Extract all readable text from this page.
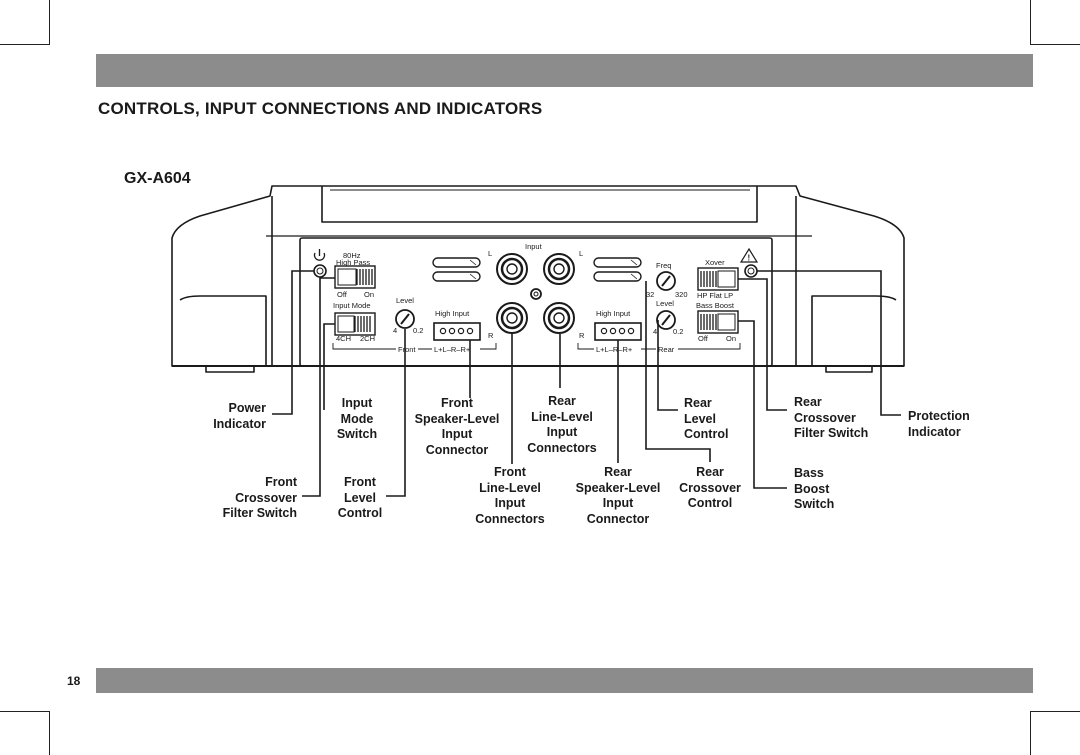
CONTROLS, INPUT CONNECTIONS AND INDICATORS
GX-A604
18
!
80Hz
High Pass
Off On
Input Mode
4CH 2CH
Level
4 0.2
High Input
Input
L	L
R	R
L+L–R–R+
Front
High Input
L+L–R–R+	Rear
Freq
32	320
Level
4 0.2
Xover
HP Flat LP
Bass Boost
Off On
Power
Indicator
Front
Crossover
Filter Switch
Input
Mode
Switch
Front
Level
Control
Front
Speaker-Level
Input
Connector
Rear
Line-Level
Input
Connectors
Front
Line-Level
Input
Connectors
Rear
Speaker-Level
Input
Connector
Rear
Level
Control
Rear
Crossover
Control
Rear
Crossover
Filter Switch
Bass
Boost
Switch
Protection
Indicator
